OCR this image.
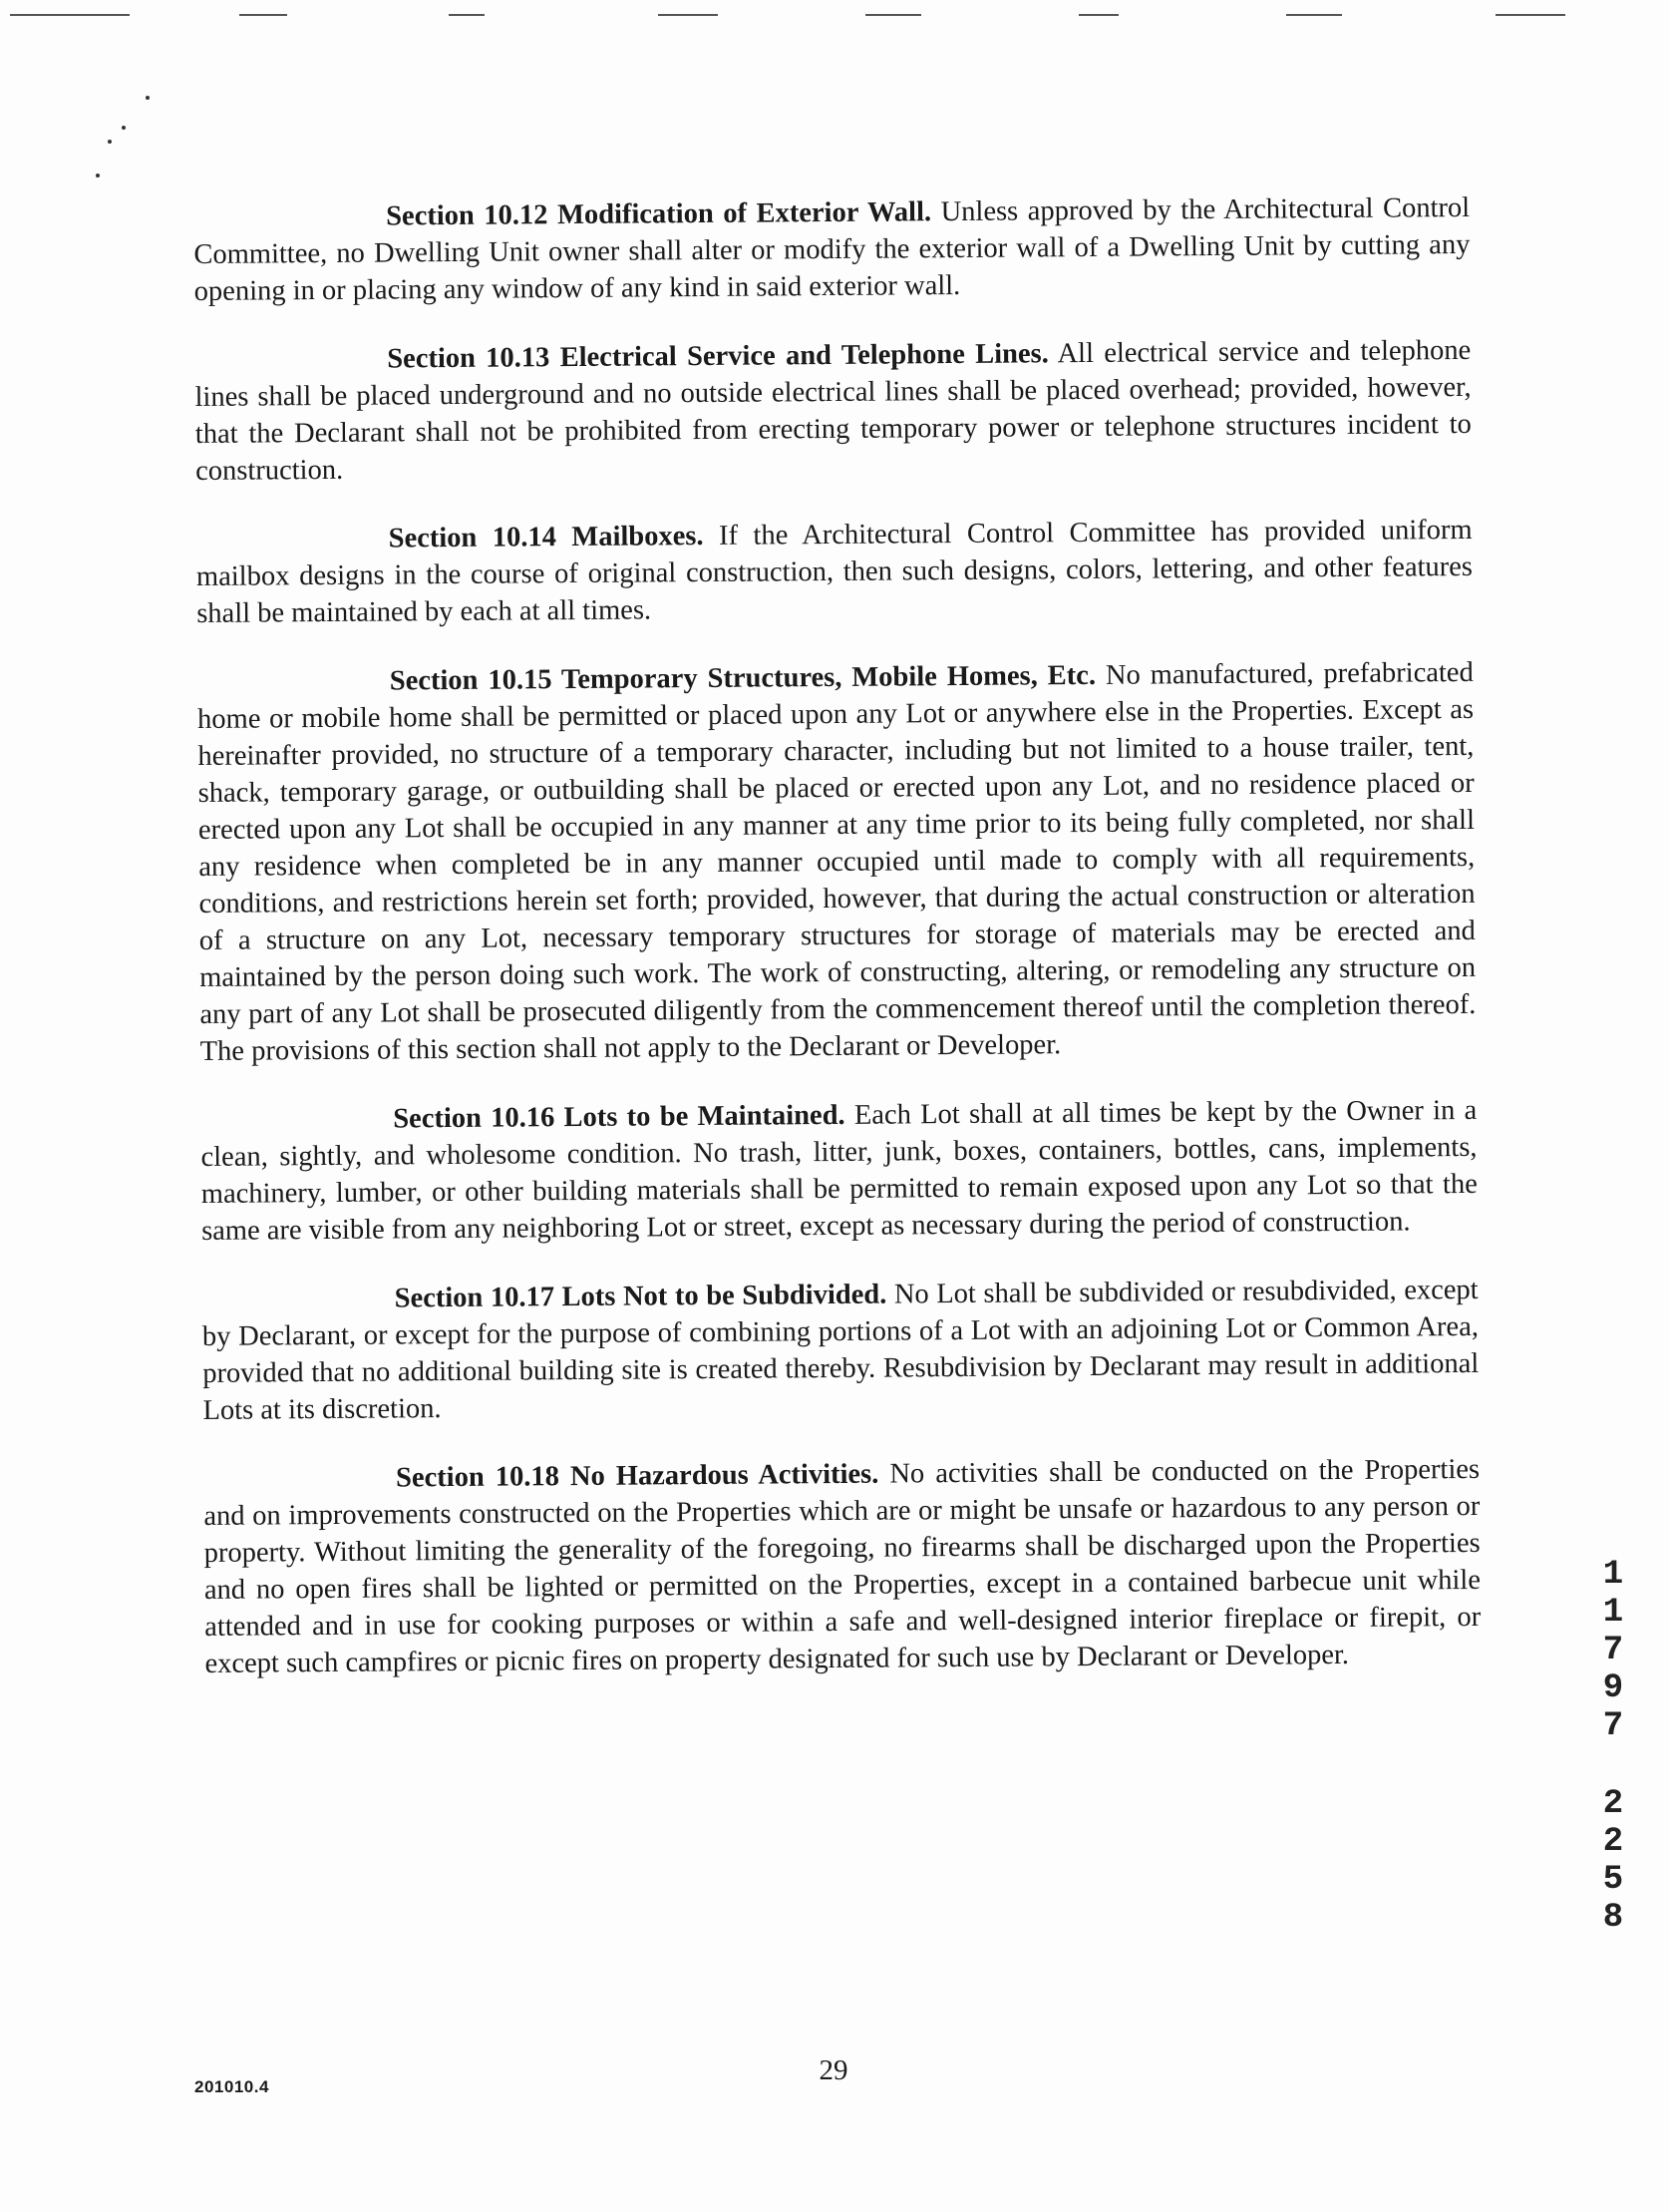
Section 10.12 Modification of Exterior Wall. Unless approved by the Architectural Control Committee, no Dwelling Unit owner shall alter or modify the exterior wall of a Dwelling Unit by cutting any opening in or placing any window of any kind in said exterior wall.

Section 10.13 Electrical Service and Telephone Lines. All electrical service and telephone lines shall be placed underground and no outside electrical lines shall be placed overhead; provided, however, that the Declarant shall not be prohibited from erecting temporary power or telephone structures incident to construction.

Section 10.14 Mailboxes. If the Architectural Control Committee has provided uniform mailbox designs in the course of original construction, then such designs, colors, lettering, and other features shall be maintained by each at all times.

Section 10.15 Temporary Structures, Mobile Homes, Etc. No manufactured, prefabricated home or mobile home shall be permitted or placed upon any Lot or anywhere else in the Properties. Except as hereinafter provided, no structure of a temporary character, including but not limited to a house trailer, tent, shack, temporary garage, or outbuilding shall be placed or erected upon any Lot, and no residence placed or erected upon any Lot shall be occupied in any manner at any time prior to its being fully completed, nor shall any residence when completed be in any manner occupied until made to comply with all requirements, conditions, and restrictions herein set forth; provided, however, that during the actual construction or alteration of a structure on any Lot, necessary temporary structures for storage of materials may be erected and maintained by the person doing such work. The work of constructing, altering, or remodeling any structure on any part of any Lot shall be prosecuted diligently from the commencement thereof until the completion thereof. The provisions of this section shall not apply to the Declarant or Developer.

Section 10.16 Lots to be Maintained. Each Lot shall at all times be kept by the Owner in a clean, sightly, and wholesome condition. No trash, litter, junk, boxes, containers, bottles, cans, implements, machinery, lumber, or other building materials shall be permitted to remain exposed upon any Lot so that the same are visible from any neighboring Lot or street, except as necessary during the period of construction.

Section 10.17 Lots Not to be Subdivided. No Lot shall be subdivided or resubdivided, except by Declarant, or except for the purpose of combining portions of a Lot with an adjoining Lot or Common Area, provided that no additional building site is created thereby. Resubdivision by Declarant may result in additional Lots at its discretion.

Section 10.18 No Hazardous Activities. No activities shall be conducted on the Properties and on improvements constructed on the Properties which are or might be unsafe or hazardous to any person or property. Without limiting the generality of the foregoing, no firearms shall be discharged upon the Properties and no open fires shall be lighted or permitted on the Properties, except in a contained barbecue unit while attended and in use for cooking purposes or within a safe and well-designed interior fireplace or firepit, or except such campfires or picnic fires on property designated for such use by Declarant or Developer.

1
1
7
9
7
2
2
5
8
201010.4
29
